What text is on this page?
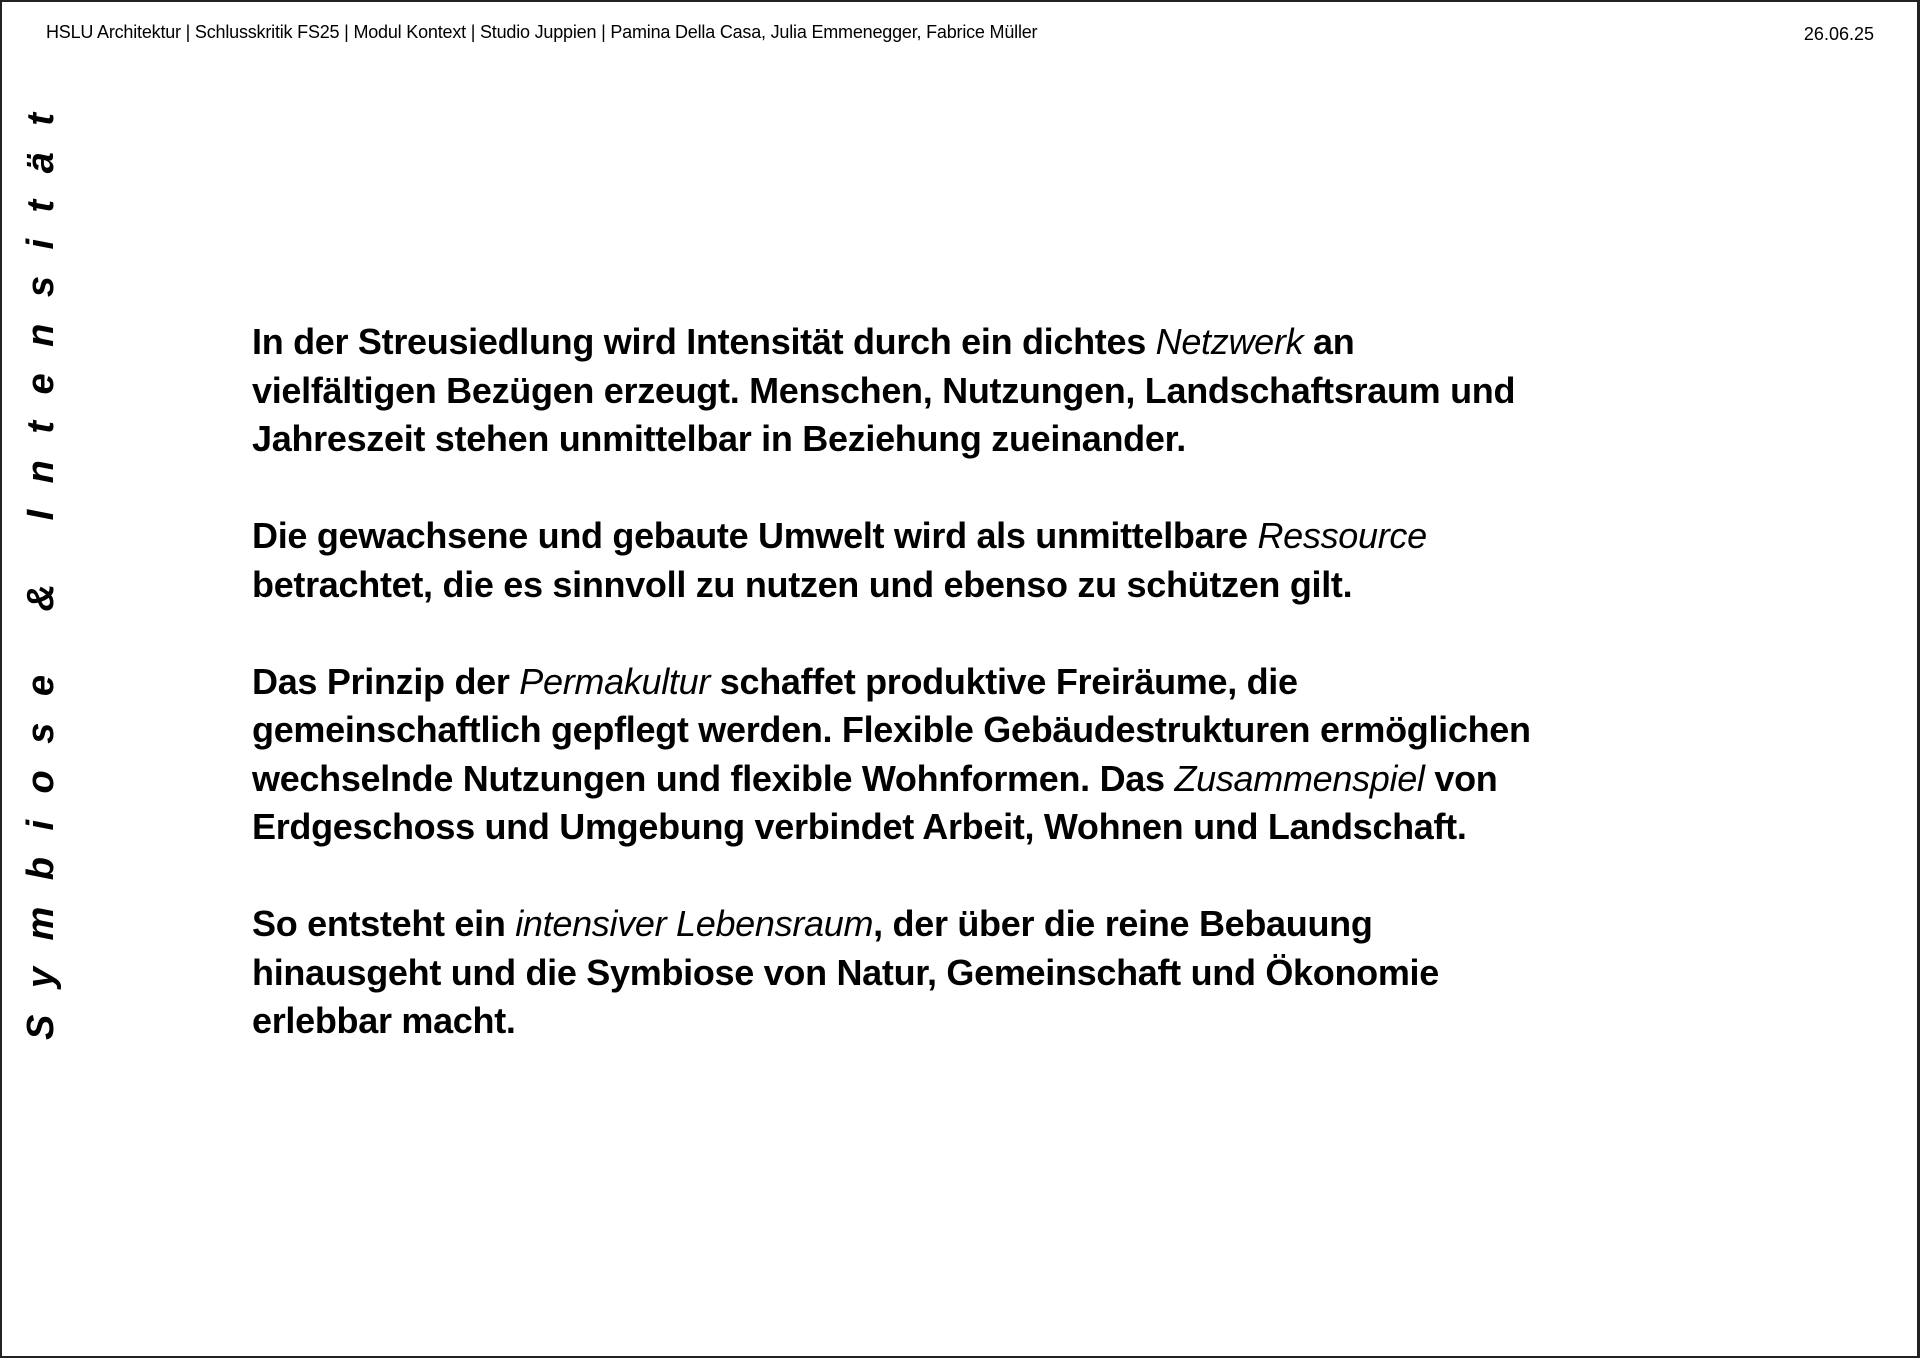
HSLU Architektur | Schlusskritik FS25 | Modul Kontext | Studio Juppien | Pamina Della Casa, Julia Emmenegger, Fabrice Müller	26.06.25
Symbiose & Intensität	In der Streusiedlung wird Intensität durch ein dichtes Netzwerk an
vielfältigen Bezügen erzeugt. Menschen, Nutzungen, Landschaftsraum und
Jahreszeit stehen unmittelbar in Beziehung zueinander.

Die gewachsene und gebaute Umwelt wird als unmittelbare Ressource
betrachtet, die es sinnvoll zu nutzen und ebenso zu schützen gilt.

Das Prinzip der Permakultur schaffet produktive Freiräume, die
gemeinschaftlich gepflegt werden. Flexible Gebäudestrukturen ermöglichen
wechselnde Nutzungen und flexible Wohnformen. Das Zusammenspiel von
Erdgeschoss und Umgebung verbindet Arbeit, Wohnen und Landschaft.

So entsteht ein intensiver Lebensraum, der über die reine Bebauung
hinausgeht und die Symbiose von Natur, Gemeinschaft und Ökonomie
erlebbar macht.
